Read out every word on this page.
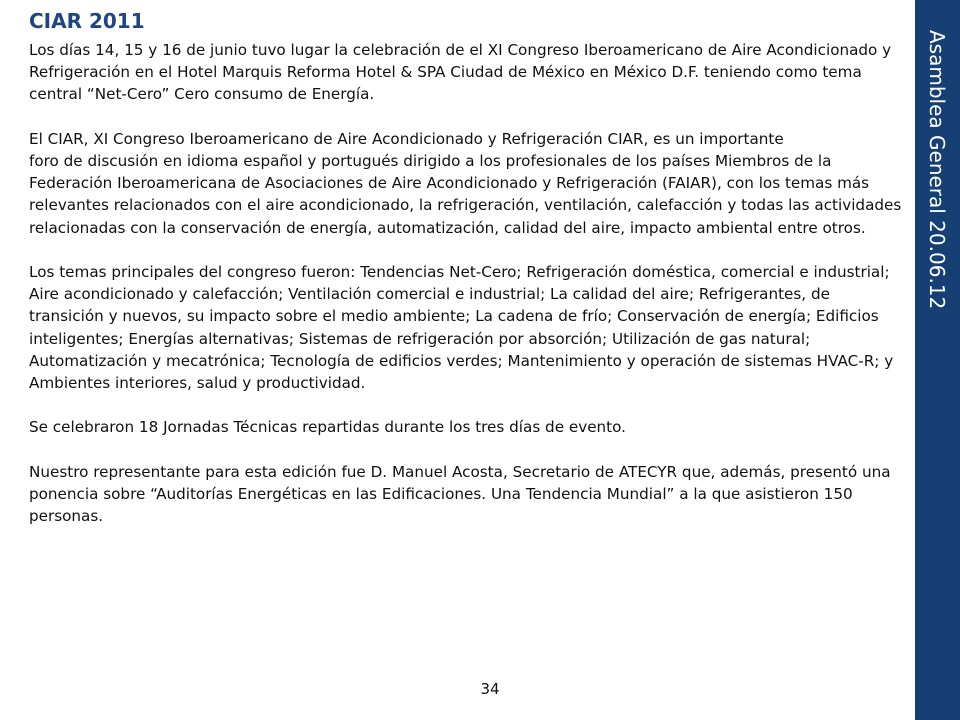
CIAR 2011

Los días 14, 15 y 16 de junio tuvo lugar la celebración de el XI Congreso Iberoamericano de Aire Acondicionado y Refrigeración en el Hotel Marquis Reforma Hotel & SPA Ciudad de México en México D.F. teniendo como tema central “Net-Cero” Cero consumo de Energía.

El CIAR, XI Congreso Iberoamericano de Aire Acondicionado y Refrigeración CIAR, es un importante

foro de discusión en idioma español y portugués dirigido a los profesionales de los países Miembros de la Federación Iberoamericana de Asociaciones de Aire Acondicionado y Refrigeración (FAIAR), con los temas más relevantes relacionados con el aire acondicionado, la refrigeración, ventilación, calefacción y todas las actividades relacionadas con la conservación de energía, automatización, calidad del aire, impacto ambiental entre otros.

Los temas principales del congreso fueron: Tendencias Net-Cero; Refrigeración doméstica, comercial e industrial; Aire acondicionado y calefacción; Ventilación comercial e industrial; La calidad del aire; Refrigerantes, de transición y nuevos, su impacto sobre el medio ambiente; La cadena de frío; Conservación de energía; Edificios inteligentes; Energías alternativas; Sistemas de refrigeración por absorción; Utilización de gas natural; Automatización y mecatrónica; Tecnología de edificios verdes; Mantenimiento y operación de sistemas HVAC-R; y Ambientes interiores, salud y productividad.

Se celebraron 18 Jornadas Técnicas repartidas durante los tres días de evento.

Nuestro representante para esta edición fue D. Manuel Acosta, Secretario de ATECYR que, además, presentó una ponencia sobre “Auditorías Energéticas en las Edificaciones. Una Tendencia Mundial” a la que asistieron 150 personas.

34

Asamblea General 20.06.12
